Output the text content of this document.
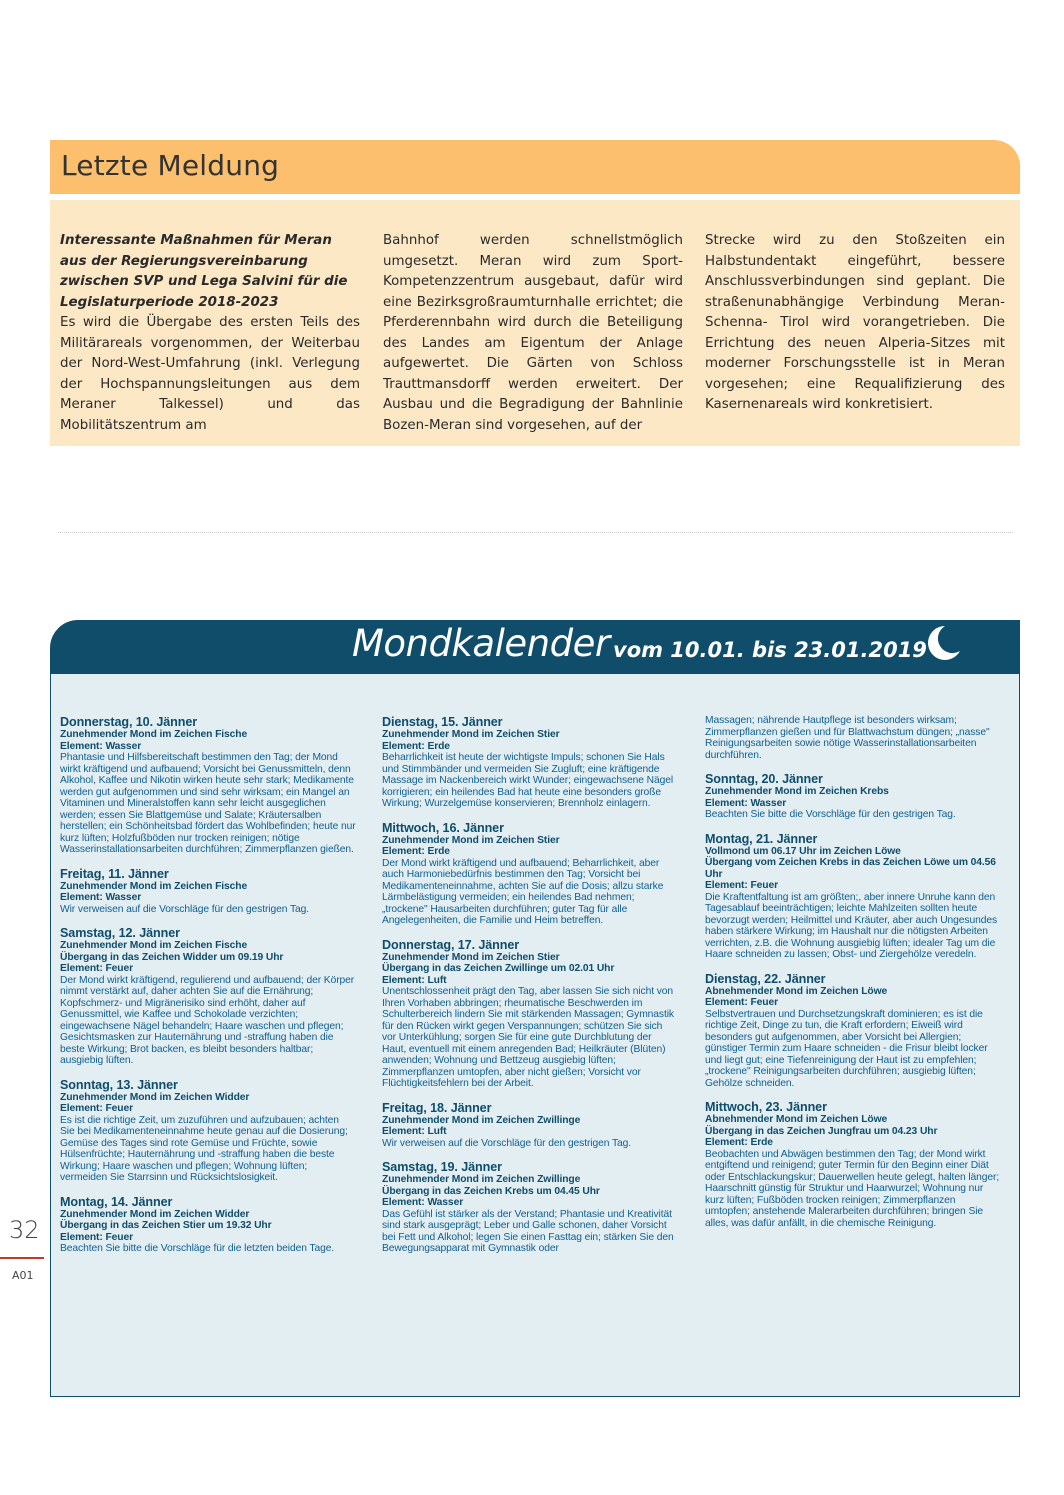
Letzte Meldung

Interessante Maßnahmen für Meran aus der Regierungsvereinbarung zwischen SVP und Lega Salvini für die Legislaturperiode 2018-2023

Es wird die Übergabe des ersten Teils des Militärareals vorgenommen, der Weiterbau der Nord-West-Umfahrung (inkl. Verlegung der Hochspannungsleitungen aus dem Meraner Talkessel) und das Mobilitätszentrum am

Bahnhof werden schnellstmöglich umgesetzt. Meran wird zum Sport-Kompetenzzentrum ausgebaut, dafür wird eine Bezirksgroßraumturnhalle errichtet; die Pferderennbahn wird durch die Beteiligung des Landes am Eigentum der Anlage aufgewertet. Die Gärten von Schloss Trauttmansdorff werden erweitert. Der Ausbau und die Begradigung der Bahnlinie Bozen-Meran sind vorgesehen, auf der

Strecke wird zu den Stoßzeiten ein Halbstundentakt eingeführt, bessere Anschlussverbindungen sind geplant. Die straßenunabhängige Verbindung Meran-Schenna- Tirol wird vorangetrieben. Die Errichtung des neuen Alperia-Sitzes mit moderner Forschungsstelle ist in Meran vorgesehen; eine Requalifizierung des Kasernenareals wird konkretisiert.

Mondkalender vom 10.01. bis 23.01.2019
Donnerstag, 10. Jänner
Zunehmender Mond im Zeichen Fische
Element: Wasser

Phantasie und Hilfsbereitschaft bestimmen den Tag; der Mond wirkt kräftigend und aufbauend; Vorsicht bei Genussmitteln, denn Alkohol, Kaffee und Nikotin wirken heute sehr stark; Medikamente werden gut aufgenommen und sind sehr wirksam; ein Mangel an Vitaminen und Mineralstoffen kann sehr leicht ausgeglichen werden; essen Sie Blattgemüse und Salate; Kräutersalben herstellen; ein Schönheitsbad fördert das Wohlbefinden; heute nur kurz lüften; Holzfußböden nur trocken reinigen; nötige Wasserinstallationsarbeiten durchführen; Zimmerpflanzen gießen.

Freitag, 11. Jänner
Zunehmender Mond im Zeichen Fische
Element: Wasser

Wir verweisen auf die Vorschläge für den gestrigen Tag.

Samstag, 12. Jänner
Zunehmender Mond im Zeichen Fische
Übergang in das Zeichen Widder um 09.19 Uhr
Element: Feuer

Der Mond wirkt kräftigend, regulierend und aufbauend; der Körper nimmt verstärkt auf, daher achten Sie auf die Ernährung; Kopfschmerz- und Migränerisiko sind erhöht, daher auf Genussmittel, wie Kaffee und Schokolade verzichten; eingewachsene Nägel behandeln; Haare waschen und pflegen; Gesichtsmasken zur Hauternährung und -straffung haben die beste Wirkung; Brot backen, es bleibt besonders haltbar; ausgiebig lüften.

Sonntag, 13. Jänner
Zunehmender Mond im Zeichen Widder
Element: Feuer

Es ist die richtige Zeit, um zuzuführen und aufzubauen; achten Sie bei Medikamenteneinnahme heute genau auf die Dosierung; Gemüse des Tages sind rote Gemüse und Früchte, sowie Hülsenfrüchte; Hauternährung und -straffung haben die beste Wirkung; Haare waschen und pflegen; Wohnung lüften; vermeiden Sie Starrsinn und Rücksichtslosigkeit.

Montag, 14. Jänner
Zunehmender Mond im Zeichen Widder
Übergang in das Zeichen Stier um 19.32 Uhr
Element: Feuer

Beachten Sie bitte die Vorschläge für die letzten beiden Tage.

Dienstag, 15. Jänner
Zunehmender Mond im Zeichen Stier
Element: Erde

Beharrlichkeit ist heute der wichtigste Impuls; schonen Sie Hals und Stimmbänder und vermeiden Sie Zugluft; eine kräftigende Massage im Nackenbereich wirkt Wunder; eingewachsene Nägel korrigieren; ein heilendes Bad hat heute eine besonders große Wirkung; Wurzelgemüse konservieren; Brennholz einlagern.

Mittwoch, 16. Jänner
Zunehmender Mond im Zeichen Stier
Element: Erde

Der Mond wirkt kräftigend und aufbauend; Beharrlichkeit, aber auch Harmoniebedürfnis bestimmen den Tag; Vorsicht bei Medikamenteneinnahme, achten Sie auf die Dosis; allzu starke Lärmbelästigung vermeiden; ein heilendes Bad nehmen; „trockene" Hausarbeiten durchführen; guter Tag für alle Angelegenheiten, die Familie und Heim betreffen.

Donnerstag, 17. Jänner
Zunehmender Mond im Zeichen Stier
Übergang in das Zeichen Zwillinge um 02.01 Uhr
Element: Luft

Unentschlossenheit prägt den Tag, aber lassen Sie sich nicht von Ihren Vorhaben abbringen; rheumatische Beschwerden im Schulterbereich lindern Sie mit stärkenden Massagen; Gymnastik für den Rücken wirkt gegen Verspannungen; schützen Sie sich vor Unterkühlung; sorgen Sie für eine gute Durchblutung der Haut, eventuell mit einem anregenden Bad; Heilkräuter (Blüten) anwenden; Wohnung und Bettzeug ausgiebig lüften; Zimmerpflanzen umtopfen, aber nicht gießen; Vorsicht vor Flüchtigkeitsfehlern bei der Arbeit.

Freitag, 18. Jänner
Zunehmender Mond im Zeichen Zwillinge
Element: Luft

Wir verweisen auf die Vorschläge für den gestrigen Tag.

Samstag, 19. Jänner
Zunehmender Mond im Zeichen Zwillinge
Übergang in das Zeichen Krebs um 04.45 Uhr
Element: Wasser

Das Gefühl ist stärker als der Verstand; Phantasie und Kreativität sind stark ausgeprägt; Leber und Galle schonen, daher Vorsicht bei Fett und Alkohol; legen Sie einen Fasttag ein; stärken Sie den Bewegungsapparat mit Gymnastik oder

Massagen; nährende Hautpflege ist besonders wirksam; Zimmerpflanzen gießen und für Blattwachstum düngen; „nasse" Reinigungsarbeiten sowie nötige Wasserinstallationsarbeiten durchführen.

Sonntag, 20. Jänner
Zunehmender Mond im Zeichen Krebs
Element: Wasser

Beachten Sie bitte die Vorschläge für den gestrigen Tag.

Montag, 21. Jänner
Vollmond um 06.17 Uhr im Zeichen Löwe
Übergang vom Zeichen Krebs in das Zeichen Löwe um 04.56 Uhr
Element: Feuer

Die Kraftentfaltung ist am größten;, aber innere Unruhe kann den Tagesablauf beeinträchtigen; leichte Mahlzeiten sollten heute bevorzugt werden; Heilmittel und Kräuter, aber auch Ungesundes haben stärkere Wirkung; im Haushalt nur die nötigsten Arbeiten verrichten, z.B. die Wohnung ausgiebig lüften; idealer Tag um die Haare schneiden zu lassen; Obst- und Ziergehölze veredeln.

Dienstag, 22. Jänner
Abnehmender Mond im Zeichen Löwe
Element: Feuer

Selbstvertrauen und Durchsetzungskraft dominieren; es ist die richtige Zeit, Dinge zu tun, die Kraft erfordern; Eiweiß wird besonders gut aufgenommen, aber Vorsicht bei Allergien; günstiger Termin zum Haare schneiden - die Frisur bleibt locker und liegt gut; eine Tiefenreinigung der Haut ist zu empfehlen; „trockene" Reinigungsarbeiten durchführen; ausgiebig lüften; Gehölze schneiden.

Mittwoch, 23. Jänner
Abnehmender Mond im Zeichen Löwe
Übergang in das Zeichen Jungfrau um 04.23 Uhr
Element: Erde

Beobachten und Abwägen bestimmen den Tag; der Mond wirkt entgiftend und reinigend; guter Termin für den Beginn einer Diät oder Entschlackungskur; Dauerwellen heute gelegt, halten länger; Haarschnitt günstig für Struktur und Haarwurzel; Wohnung nur kurz lüften; Fußböden trocken reinigen; Zimmerpflanzen umtopfen; anstehende Malerarbeiten durchführen; bringen Sie alles, was dafür anfällt, in die chemische Reinigung.

32

A01
